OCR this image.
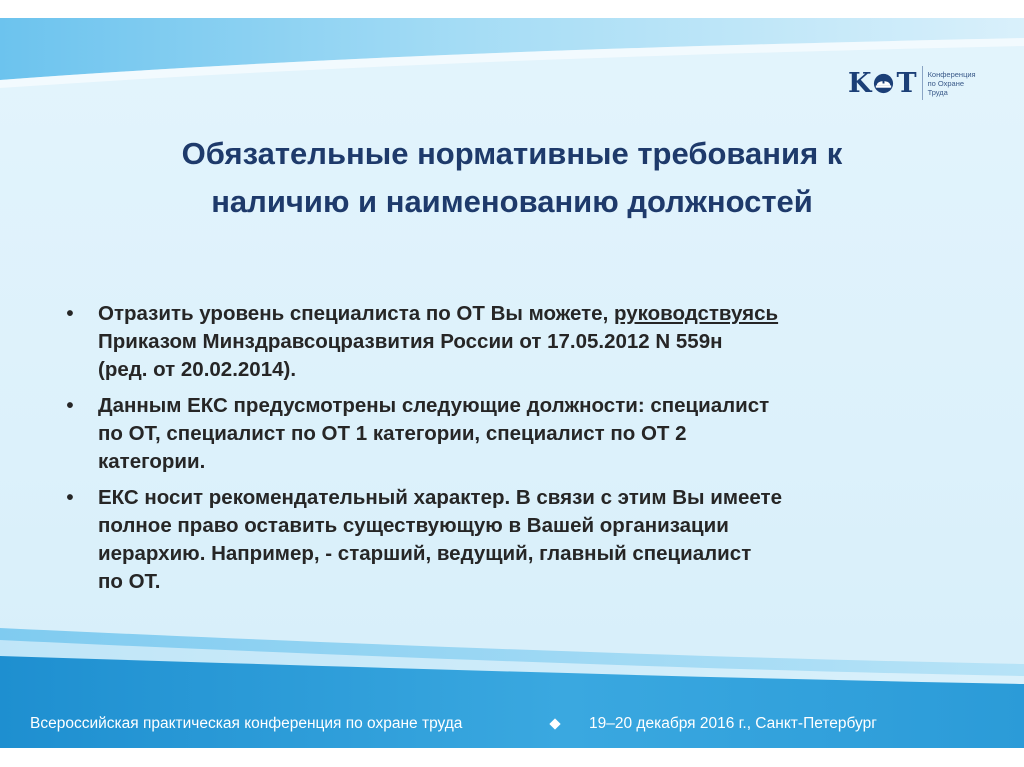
K T Конференция
по Охране
Труда
Обязательные нормативные требования к
наличию и наименованию должностей
•	Отразить уровень специалиста по ОТ Вы можете, руководствуясь
Приказом Минздравсоцразвития России от 17.05.2012 N 559н
(ред. от 20.02.2014).
•	Данным ЕКС предусмотрены следующие должности: специалист
по ОТ, специалист по ОТ 1 категории, специалист по ОТ 2
категории.
•	ЕКС носит рекомендательный характер. В связи с этим Вы имеете
полное право оставить существующую в Вашей организации
иерархию. Например, - старший, ведущий, главный специалист
по ОТ.
Всероссийская практическая конференция по охране труда	19–20 декабря 2016 г., Санкт-Петербург
